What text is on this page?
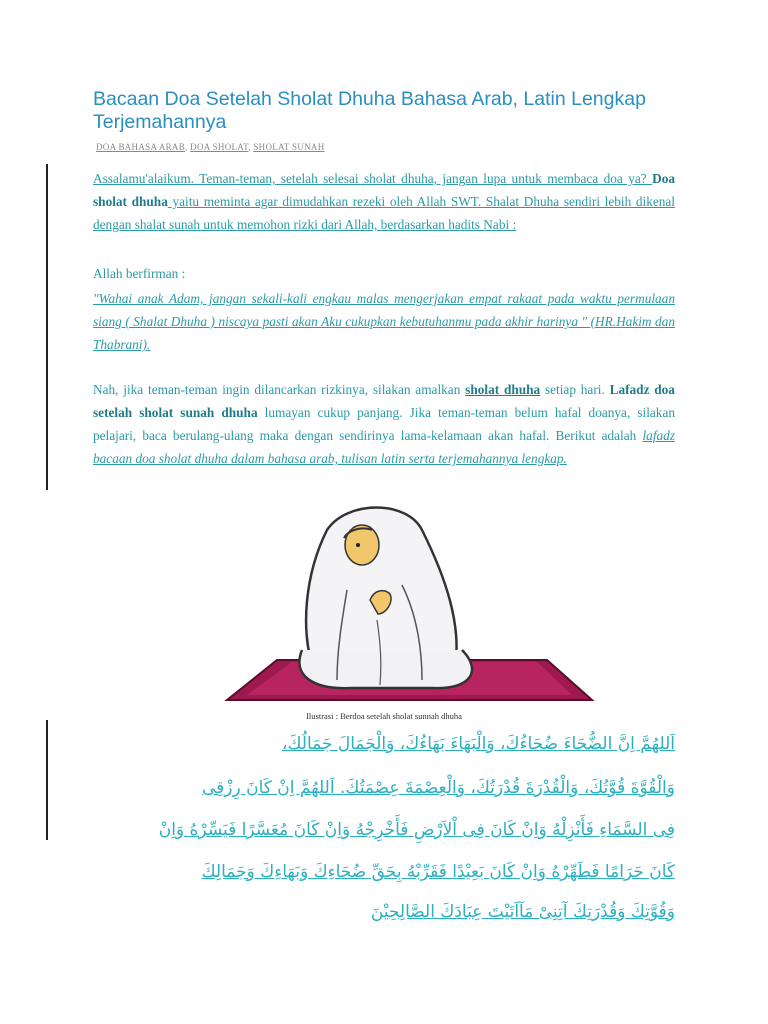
Bacaan Doa Setelah Sholat Dhuha Bahasa Arab, Latin Lengkap Terjemahannya
DOA BAHASA ARAB, DOA SHOLAT, SHOLAT SUNAH
Assalamu'alaikum. Teman-teman, setelah selesai sholat dhuha, jangan lupa untuk membaca doa ya? Doa sholat dhuha yaitu meminta agar dimudahkan rezeki oleh Allah SWT. Shalat Dhuha sendiri lebih dikenal dengan shalat sunah untuk memohon rizki dari Allah, berdasarkan hadits Nabi :
Allah berfirman :
"Wahai anak Adam, jangan sekali-kali engkau malas mengerjakan empat rakaat pada waktu permulaan siang ( Shalat Dhuha ) niscaya pasti akan Aku cukupkan kebutuhanmu pada akhir harinya " (HR.Hakim dan Thabrani).
Nah, jika teman-teman ingin dilancarkan rizkinya, silakan amalkan sholat dhuha setiap hari. Lafadz doa setelah sholat sunah dhuha lumayan cukup panjang. Jika teman-teman belum hafal doanya, silakan pelajari, baca berulang-ulang maka dengan sendirinya lama-kelamaan akan hafal. Berikut adalah lafadz bacaan doa sholat dhuha dalam bahasa arab, tulisan latin serta terjemahannya lengkap.
Ilustrasi : Berdoa setelah sholat sunnah dhuha
اَللهُمَّ اِنَّ الضُّحَاءَ ضُحَاءُكَ، وَالْبَهَاءَ بَهَاءُكَ، وَالْجَمَالَ جَمَالُكَ،
وَالْقُوَّةَ قُوَّتُكَ، وَالْقُدْرَةَ قُدْرَتُكَ، وَالْعِصْمَةَ عِصْمَتُكَ. اَللهُمَّ اِنْ كَانَ رِزْقِى
فِى السَّمَاءِ فَأَنْزِلْهُ وَاِنْ كَانَ فِى اْلاَرْضِ فَأَخْرِجْهُ وَاِنْ كَانَ مُعَسَّرًا فَيَسِّرْهُ وَاِنْ
كَانَ حَرَامًا فَطَهِّرْهُ وَاِنْ كَانَ بَعِيْدًا فَقَرِّبْهُ بِحَقِّ ضُحَاءِكَ وَبَهَاءِكَ وَجَمَالِكَ
وَقُوَّتِكَ وَقُدْرَتِكَ آتِنِىْ مَآاَتَيْتَ عِبَادَكَ الصَّالِحِيْنَ
